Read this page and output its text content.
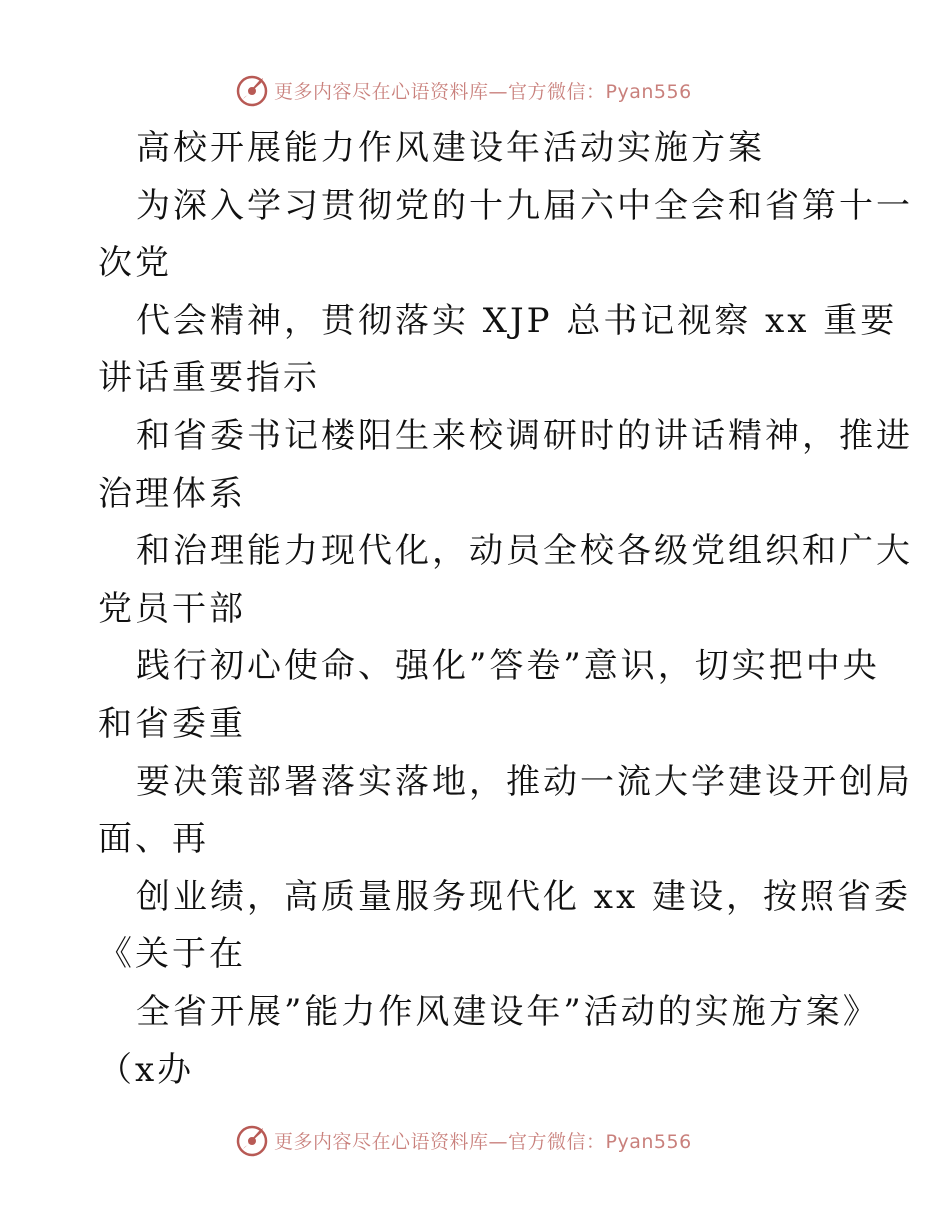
更多内容尽在心语资料库—官方微信：Pyan556
高校开展能力作风建设年活动实施方案
为深入学习贯彻党的十九届六中全会和省第十一
次党
代会精神，贯彻落实 XJP 总书记视察 xx 重要
讲话重要指示
和省委书记楼阳生来校调研时的讲话精神，推进
治理体系
和治理能力现代化，动员全校各级党组织和广大
党员干部
践行初心使命、强化”答卷”意识，切实把中央
和省委重
要决策部署落实落地，推动一流大学建设开创局
面、再
创业绩，高质量服务现代化 xx 建设，按照省委
《关于在
全省开展”能力作风建设年”活动的实施方案》
（x办
更多内容尽在心语资料库—官方微信：Pyan556
